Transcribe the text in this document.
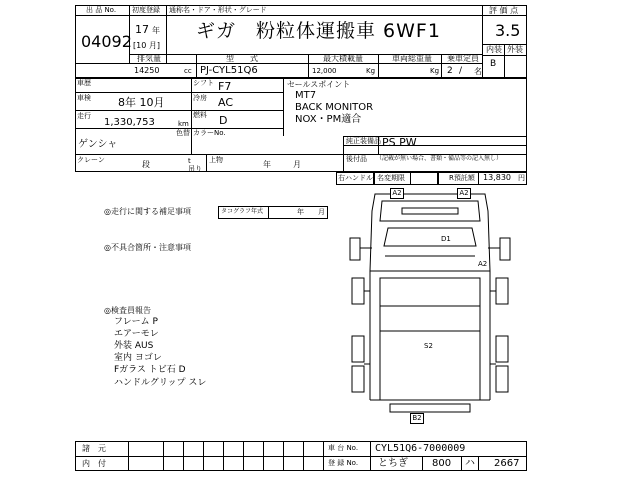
出 品 No.
04092
初度登録
17 年
[10 月]
通称名・ドア・形状・グレード
ギガ　粉粒体運搬車 6WF1
評 価 点
3.5
内装 外装
B
排気量	型　　式	最大積載量	車両総重量 乗車定員
14250	cc PJ-CYL51Q6	12,000	Kg	Kg 2 / 名
車歴	シフト F7
車検 8年 10月	冷房 AC
走行
1,330,753	km
燃料 D
色替 カラーNo.
ゲンシャ
クレーン	段	t
吊り
上物	年	月
セールスポイント
MT7
BACK MONITOR
NOX・PM適合
純正装備品 PS PW
後付品 （記載が無い場合、書類・備品等の記入無し）
右ハンドル 名変期限	R預託額 13,830 円
◎走行に関する補足事項	タコグラフ年式	年 月
◎不具合箇所・注意事項
◎検査員報告
フレーム P
エアーモレ
外装 AUS
室内 ヨゴレ
Fガラス トビ石 D
ハンドルグリップ スレ
A2	A2
D1
A2
S2
B2
諸　元
内　付
車 台 No. CYL51Q6-7000009
登 録 No. とちぎ 800 ハ 2667
